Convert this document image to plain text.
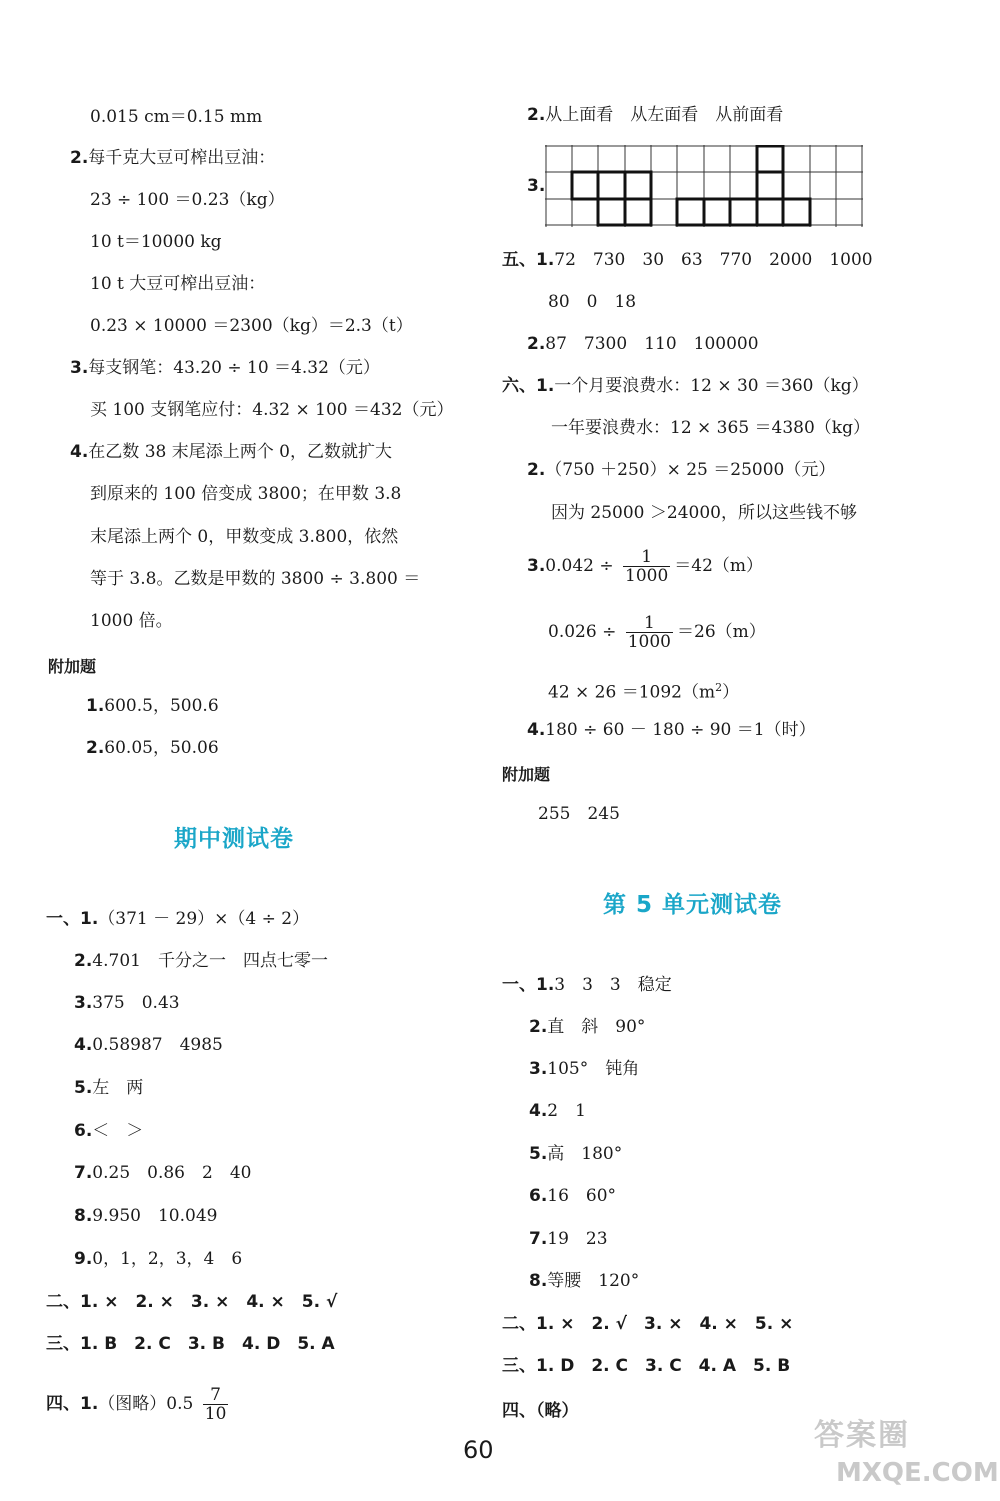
0.015 cm＝0.15 mm
2.每千克大豆可榨出豆油：
23 ÷ 100 ＝0.23（kg）
10 t＝10000 kg
10 t 大豆可榨出豆油：
0.23 × 10000 ＝2300（kg）＝2.3（t）
3.每支钢笔：43.20 ÷ 10 ＝4.32（元）
买 100 支钢笔应付：4.32 × 100 ＝432（元）
4.在乙数 38 末尾添上两个 0，乙数就扩大
到原来的 100 倍变成 3800；在甲数 3.8
末尾添上两个 0，甲数变成 3.800，依然
等于 3.8。乙数是甲数的 3800 ÷ 3.800 ＝
1000 倍。
附加题
1.600.5，500.6
2.60.05，50.06
期中测试卷
一、1.（371 － 29）×（4 ÷ 2）
2.4.701　千分之一　四点七零一
3.375　0.43
4.0.58987　4985
5.左　两
6.＜　＞
7.0.25　0.86　2　40
8.9.950　10.049
9.0，1，2，3，4　6
二、1. ×　2. ×　3. ×　4. ×　5. √
三、1. B　2. C　3. B　4. D　5. A
四、1.（图略）$0.5 \frac{7}{10}$
2.从上面看　从左面看　从前面看
3.
五、1.72　730　30　63　770　2000　1000
80　0　18
2.87　7300　110　100000
六、1.一个月要浪费水：12 × 30 ＝360（kg）
一年要浪费水：12 × 365 ＝4380（kg）
2.（750 ＋250）× 25 ＝25000（元）
因为 25000 ＞24000，所以这些钱不够
$3.0.042 \div \frac{1}{1000} =42(m)$
$0.026 \div \frac{1}{1000} =26(m)$
$42 \times 26 =1092(m^2)$
4.180 ÷ 60 － 180 ÷ 90 ＝1（时）
附加题
255　245
第 5 单元测试卷
一、1.3　3　3　稳定
2.直　斜　90°
3.105°　钝角
4.2　1
5.高　180°
6.16　60°
7.19　23
8.等腰　120°
二、1. ×　2. √　3. ×　4. ×　5. ×
三、1. D　2. C　3. C　4. A　5. B
四、（略）
60	答案圈
MXQE.COM
